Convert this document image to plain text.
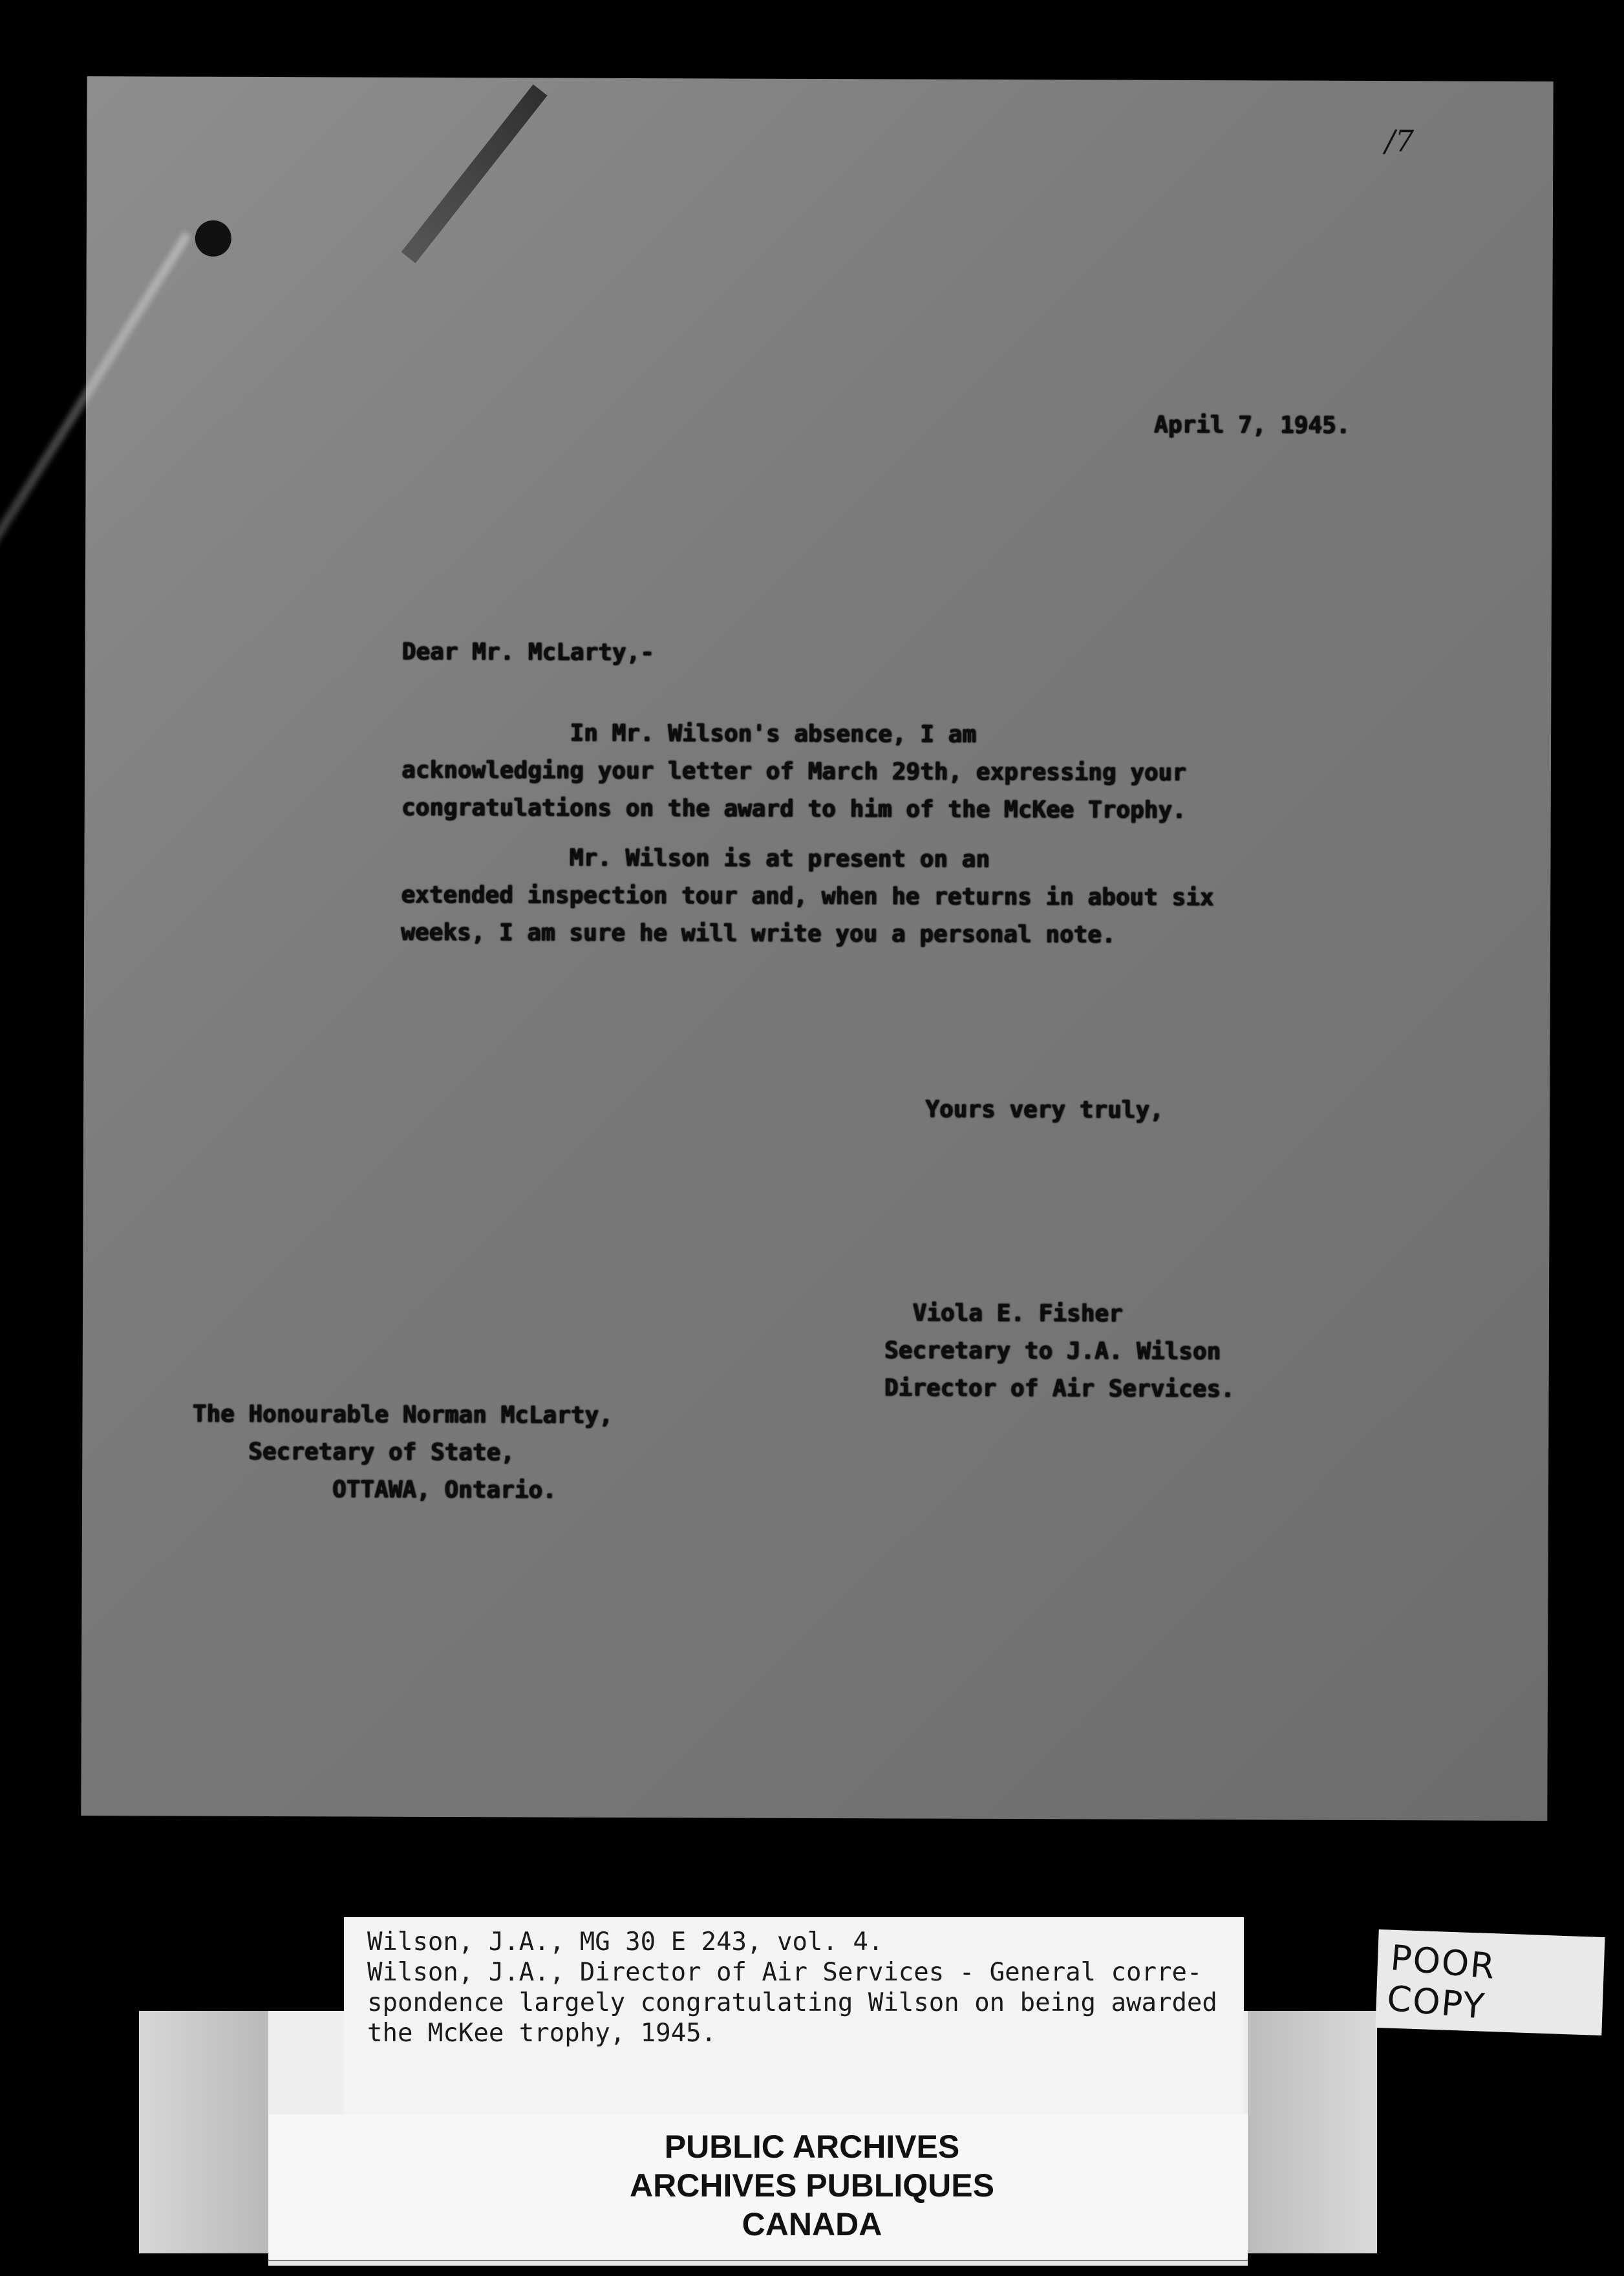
/7
April 7, 1945.
Dear Mr. McLarty,-
In Mr. Wilson's absence, I am
acknowledging your letter of March 29th, expressing your
congratulations on the award to him of the McKee Trophy.
Mr. Wilson is at present on an
extended inspection tour and, when he returns in about six
weeks, I am sure he will write you a personal note.
Yours very truly,
Viola E. Fisher
Secretary to J.A. Wilson
Director of Air Services.
The Honourable Norman McLarty,
Secretary of State,
OTTAWA, Ontario.
Wilson, J.A., MG 30 E 243, vol. 4.
Wilson, J.A., Director of Air Services - General corre-
spondence largely congratulating Wilson on being awarded
the McKee trophy, 1945.
POOR COPY
PUBLIC ARCHIVES
ARCHIVES PUBLIQUES
CANADA
